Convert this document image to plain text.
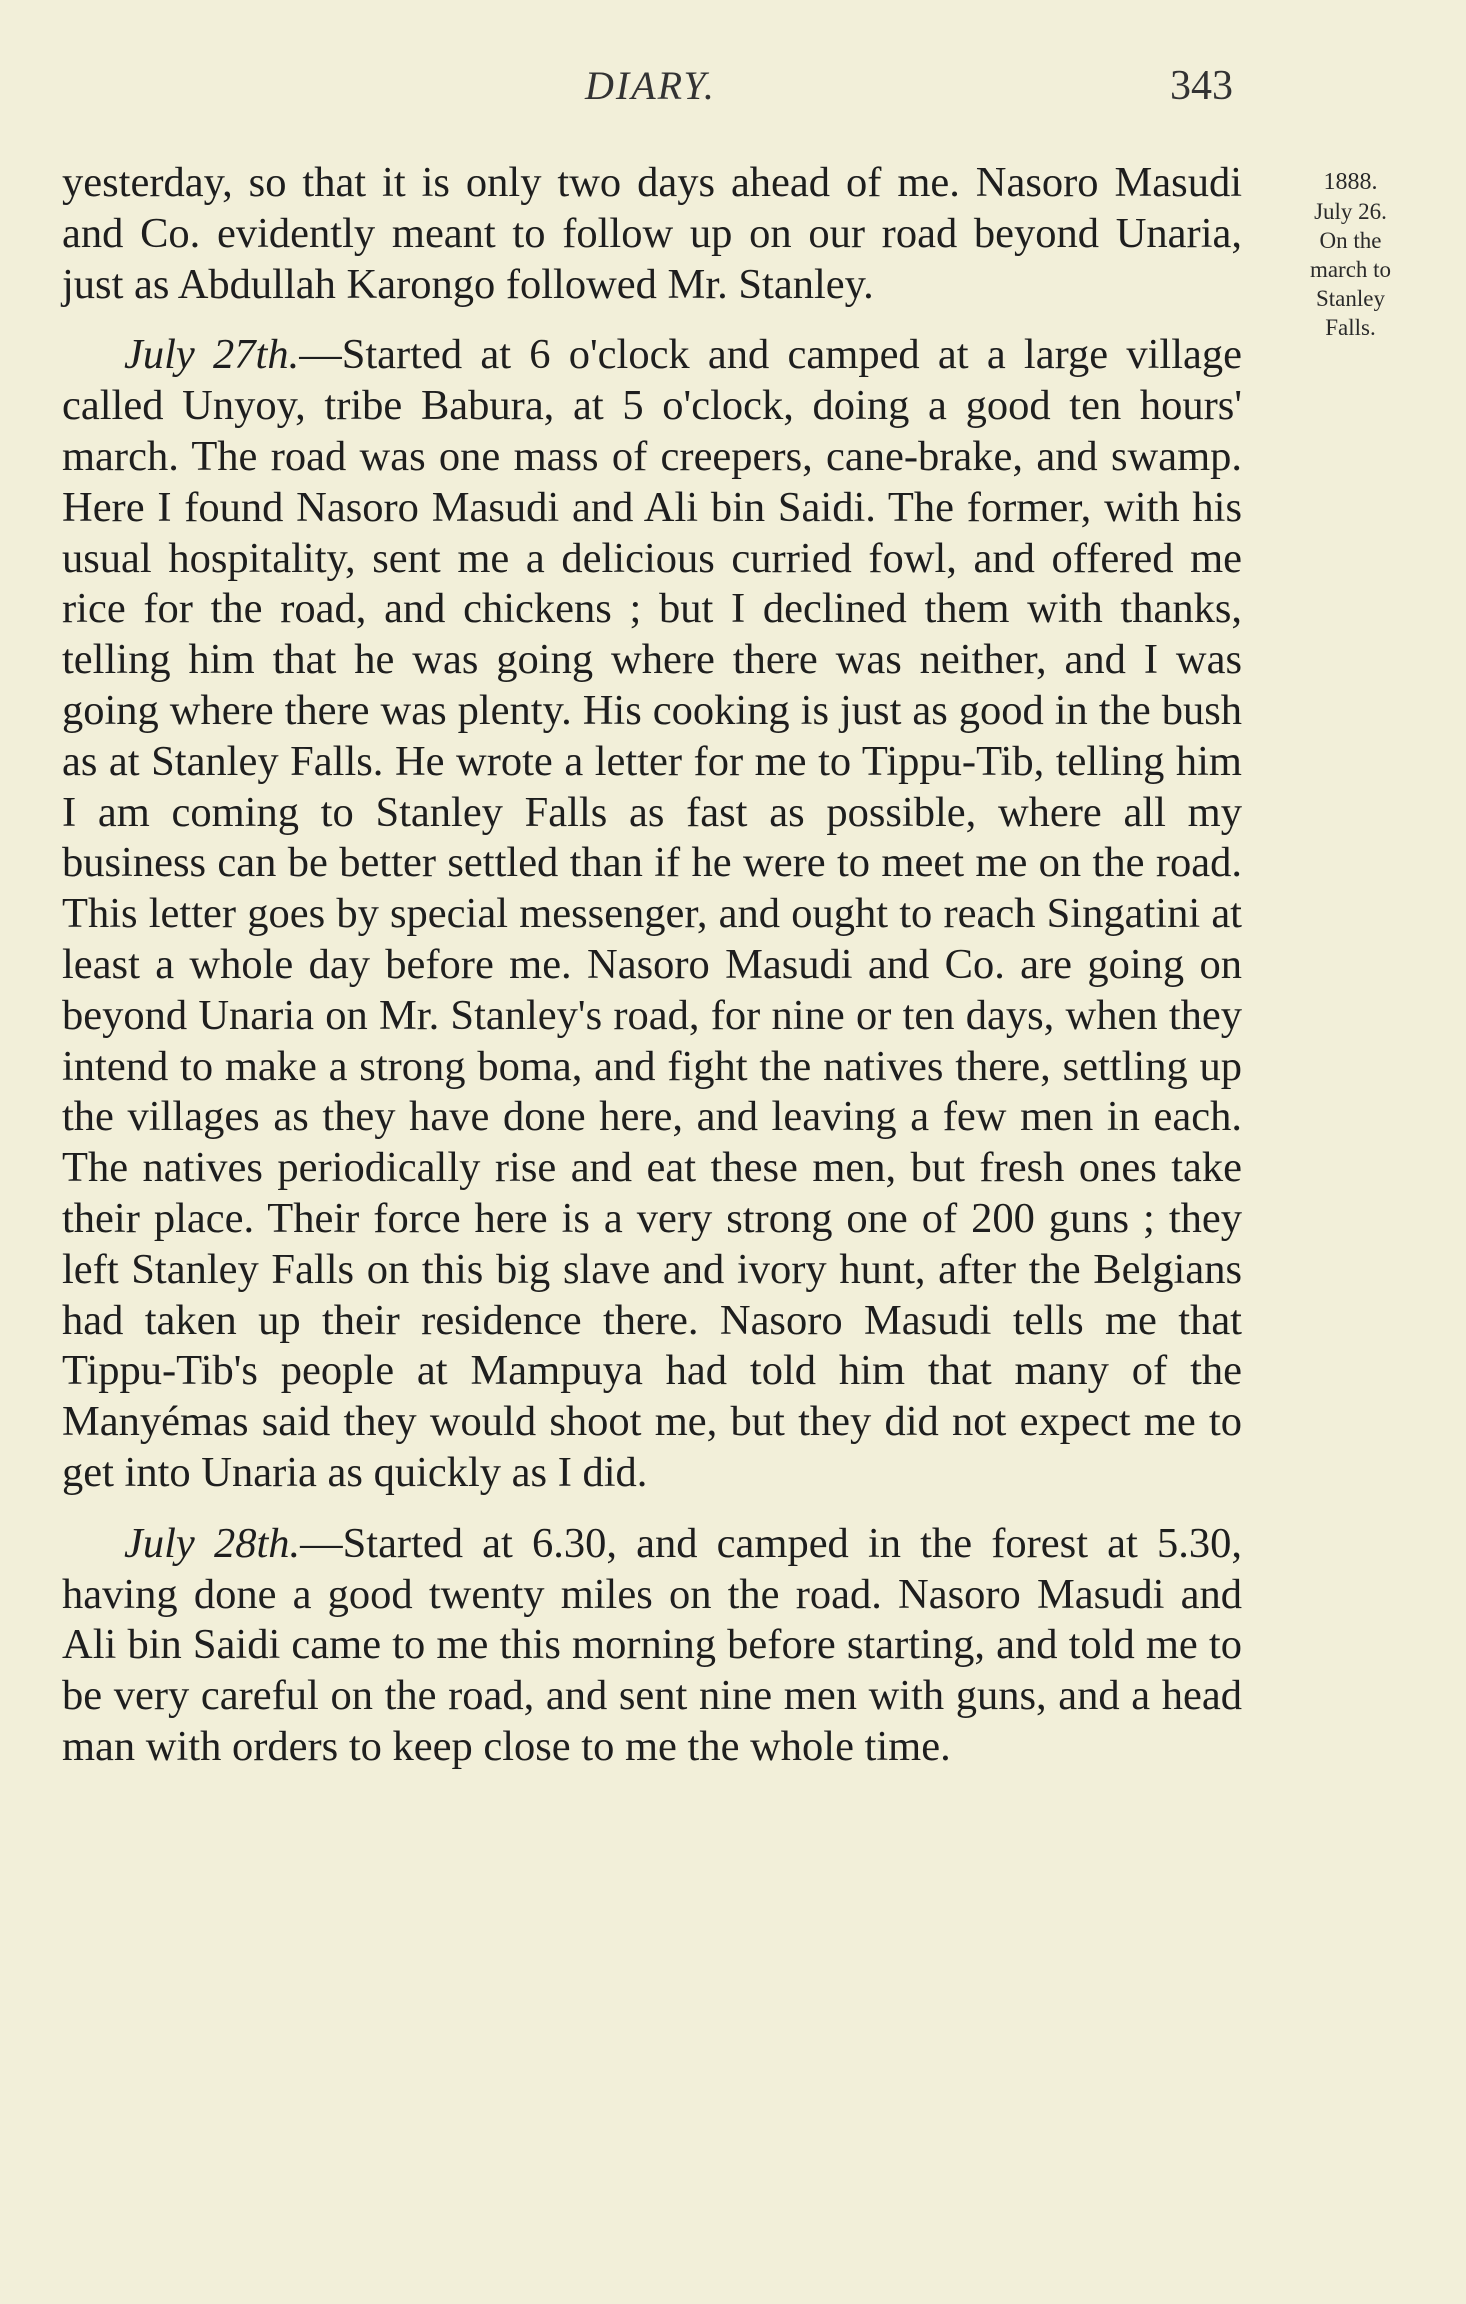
DIARY.	343
1888.
July 26.
On the
march to
Stanley
Falls.

yesterday, so that it is only two days ahead of me. Nasoro Masudi and Co. evidently meant to follow up on our road beyond Unaria, just as Abdullah Karongo followed Mr. Stanley.

July 27th.—Started at 6 o'clock and camped at a large village called Unyoy, tribe Babura, at 5 o'clock, doing a good ten hours' march. The road was one mass of creepers, cane-brake, and swamp. Here I found Nasoro Masudi and Ali bin Saidi. The former, with his usual hospitality, sent me a delicious curried fowl, and offered me rice for the road, and chickens ; but I declined them with thanks, telling him that he was going where there was neither, and I was going where there was plenty. His cooking is just as good in the bush as at Stanley Falls. He wrote a letter for me to Tippu-Tib, telling him I am coming to Stanley Falls as fast as possible, where all my business can be better settled than if he were to meet me on the road. This letter goes by special messenger, and ought to reach Singatini at least a whole day before me. Nasoro Masudi and Co. are going on beyond Unaria on Mr. Stanley's road, for nine or ten days, when they intend to make a strong boma, and fight the natives there, settling up the villages as they have done here, and leaving a few men in each. The natives periodically rise and eat these men, but fresh ones take their place. Their force here is a very strong one of 200 guns ; they left Stanley Falls on this big slave and ivory hunt, after the Belgians had taken up their residence there. Nasoro Masudi tells me that Tippu-Tib's people at Mampuya had told him that many of the Manyémas said they would shoot me, but they did not expect me to get into Unaria as quickly as I did.

July 28th.—Started at 6.30, and camped in the forest at 5.30, having done a good twenty miles on the road. Nasoro Masudi and Ali bin Saidi came to me this morning before starting, and told me to be very careful on the road, and sent nine men with guns, and a head man with orders to keep close to me the whole time.
